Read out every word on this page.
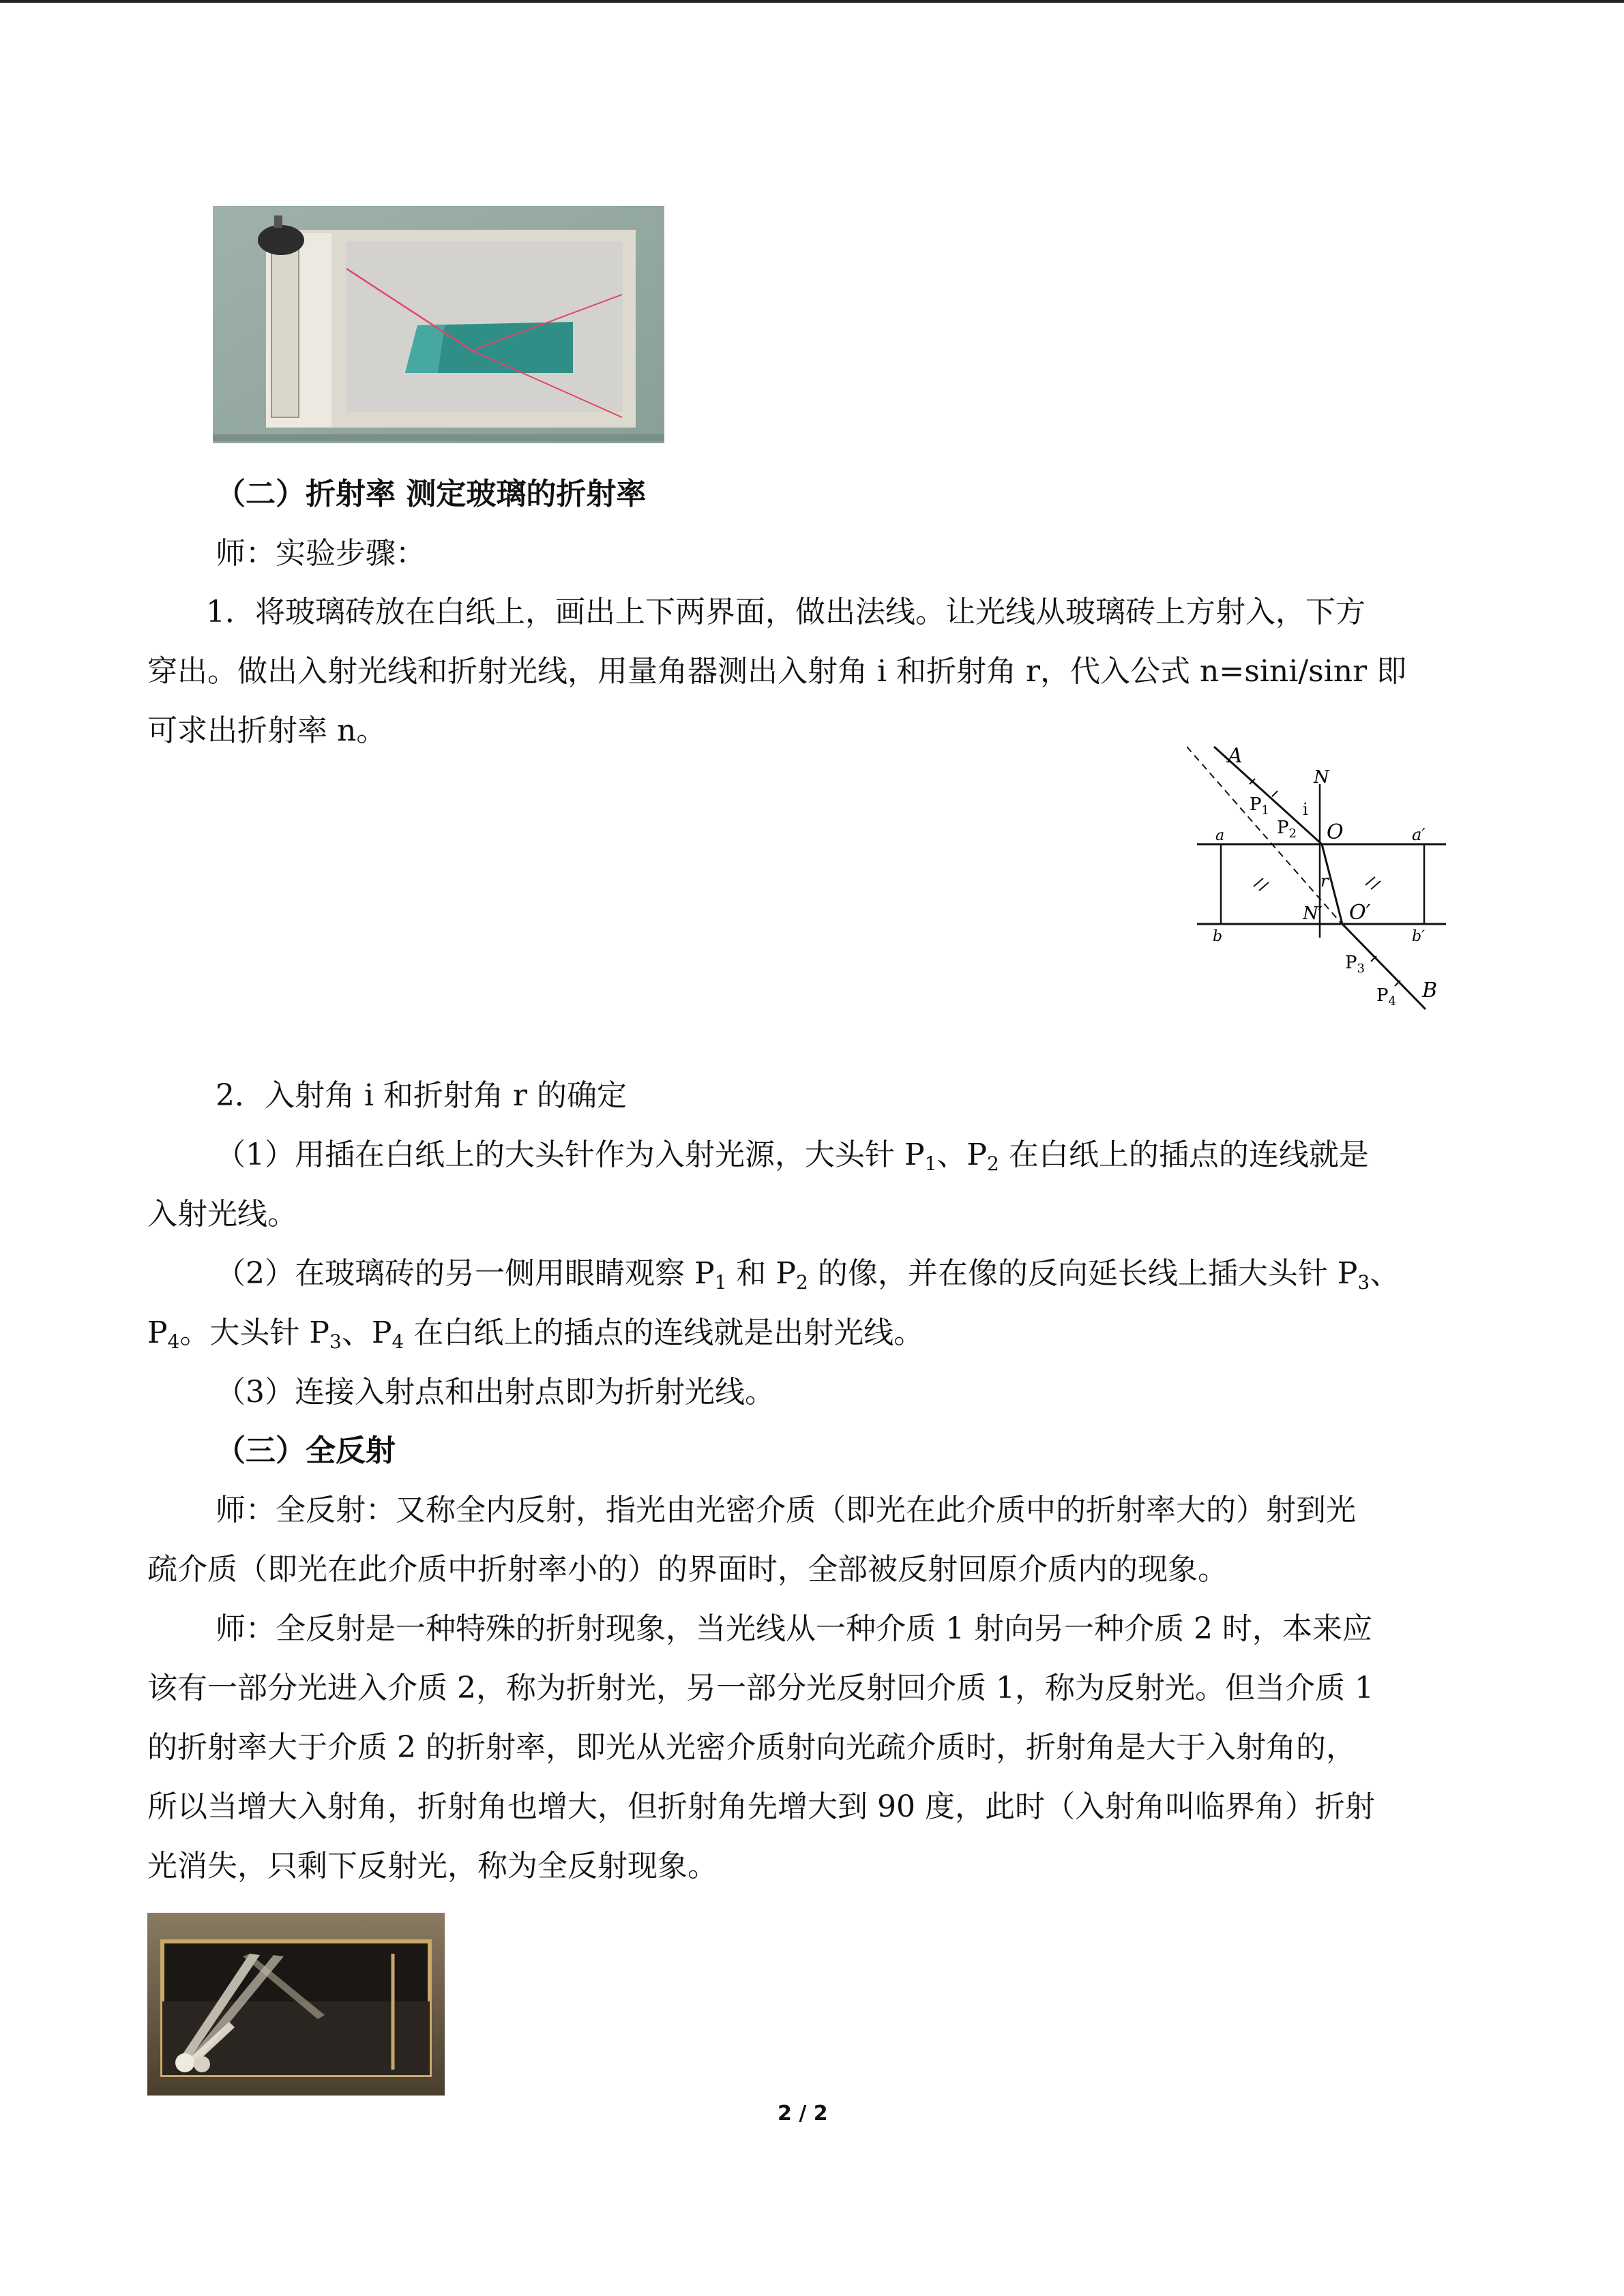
（二）折射率 测定玻璃的折射率
师：实验步骤：
1．将玻璃砖放在白纸上，画出上下两界面，做出法线。让光线从玻璃砖上方射入，下方
穿出。做出入射光线和折射光线，用量角器测出入射角 i 和折射角 r，代入公式 n=sini/sinr 即
可求出折射率 n。
A
N
$P_1$ i
$P_2$ O
a	a′
r
N′ O′
b	b′
$P_3$
$P_4$ B
2．入射角 i 和折射角 r 的确定
（1）用插在白纸上的大头针作为入射光源，大头针 $P_1$、$P_2$ 在白纸上的插点的连线就是
入射光线。
（2）在玻璃砖的另一侧用眼睛观察 $P_1$ 和 $P_2$ 的像，并在像的反向延长线上插大头针 $P_3$、
$P_4$。大头针 $P_3$、$P_4$ 在白纸上的插点的连线就是出射光线。
（3）连接入射点和出射点即为折射光线。
（三）全反射
师：全反射：又称全内反射，指光由光密介质（即光在此介质中的折射率大的）射到光
疏介质（即光在此介质中折射率小的）的界面时，全部被反射回原介质内的现象。
师：全反射是一种特殊的折射现象，当光线从一种介质 1 射向另一种介质 2 时，本来应
该有一部分光进入介质 2，称为折射光，另一部分光反射回介质 1，称为反射光。但当介质 1
的折射率大于介质 2 的折射率，即光从光密介质射向光疏介质时，折射角是大于入射角的，
所以当增大入射角，折射角也增大，但折射角先增大到 90 度，此时（入射角叫临界角）折射
光消失，只剩下反射光，称为全反射现象。
2 / 2
